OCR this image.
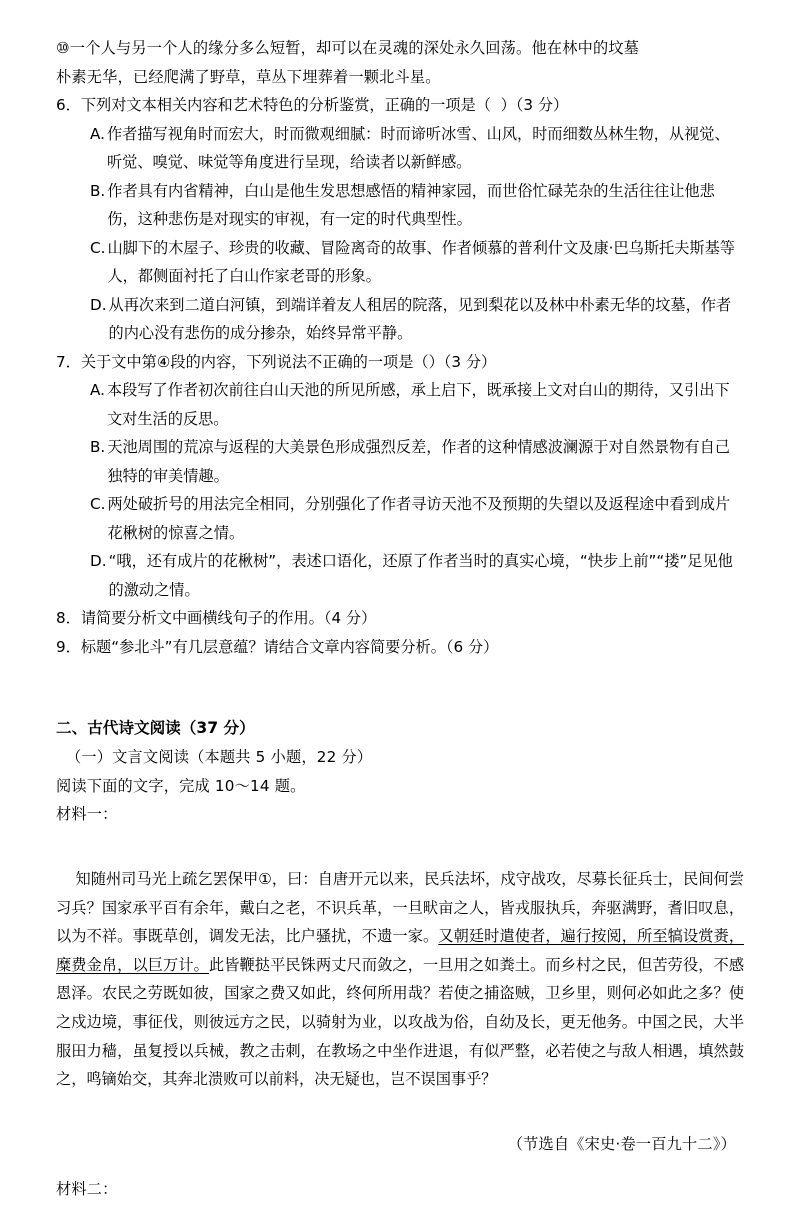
⑩一个人与另一个人的缘分多么短暂，却可以在灵魂的深处永久回荡。他在林中的坟墓
朴素无华，已经爬满了野草，草丛下埋葬着一颗北斗星。
6． 下列对文本相关内容和艺术特色的分析鉴赏，正确的一项是（  ）（3 分）
A. 作者描写视角时而宏大，时而微观细腻：时而谛听冰雪、山风，时而细数丛林生物，从视觉、听觉、嗅觉、味觉等角度进行呈现，给读者以新鲜感。
B. 作者具有内省精神，白山是他生发思想感悟的精神家园，而世俗忙碌芜杂的生活往往让他悲伤，这种悲伤是对现实的审视，有一定的时代典型性。
C. 山脚下的木屋子、珍贵的收藏、冒险离奇的故事、作者倾慕的普利什文及康·巴乌斯托夫斯基等人，都侧面衬托了白山作家老哥的形象。
D. 从再次来到二道白河镇，到端详着友人租居的院落，见到梨花以及林中朴素无华的坟墓，作者的内心没有悲伤的成分掺杂，始终异常平静。
7． 关于文中第④段的内容，下列说法不正确的一项是（）（3 分）
A. 本段写了作者初次前往白山天池的所见所感，承上启下，既承接上文对白山的期待，又引出下文对生活的反思。
B. 天池周围的荒凉与返程的大美景色形成强烈反差，作者的这种情感波澜源于对自然景物有自己独特的审美情趣。
C. 两处破折号的用法完全相同，分别强化了作者寻访天池不及预期的失望以及返程途中看到成片花楸树的惊喜之情。
D. “哦，还有成片的花楸树”，表述口语化，还原了作者当时的真实心境，“快步上前”“搂”足见他的激动之情。
8． 请简要分析文中画横线句子的作用。（4 分）
9． 标题“参北斗”有几层意蕴？请结合文章内容简要分析。（6 分）
二、古代诗文阅读（37 分）
（一）文言文阅读（本题共 5 小题，22 分）
阅读下面的文字，完成 10～14 题。
材料一：

知随州司马光上疏乞罢保甲①，曰：自唐开元以来，民兵法坏，戍守战攻，尽募长征兵士，民间何尝习兵？国家承平百有余年，戴白之老，不识兵革，一旦畎亩之人，皆戎服执兵，奔驱满野，耆旧叹息，以为不祥。事既草创，调发无法，比户骚扰，不遗一家。又朝廷时遣使者，遍行按阅，所至犒设赏赉，糜费金帛，以巨万计。此皆鞭挞平民铢两丈尺而敛之，一旦用之如粪土。而乡村之民，但苦劳役，不感恩泽。农民之劳既如彼，国家之费又如此，终何所用哉？若使之捕盗贼，卫乡里，则何必如此之多？使之戍边境，事征伐，则彼远方之民，以骑射为业，以攻战为俗，自幼及长，更无他务。中国之民，大半服田力穑，虽复授以兵械，教之击刺，在教场之中坐作进退，有似严整，必若使之与敌人相遇，填然鼓之，鸣镝始交，其奔北溃败可以前料，决无疑也，岂不误国事乎？

（节选自《宋史·卷一百九十二》）
材料二：
